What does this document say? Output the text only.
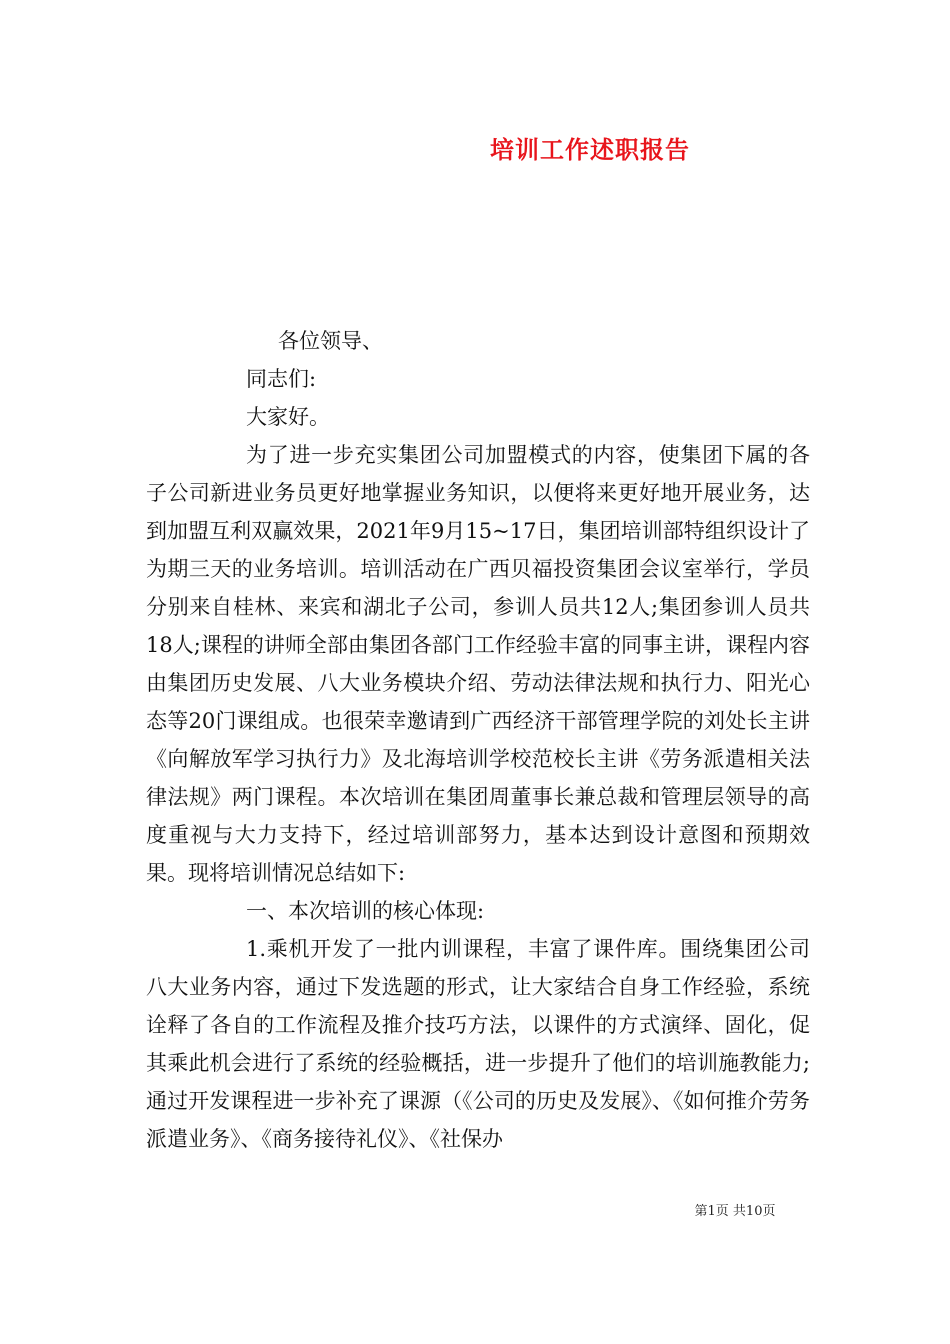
培训工作述职报告

各位领导、

同志们:

大家好。

为了进一步充实集团公司加盟模式的内容，使集团下属的各子公司新进业务员更好地掌握业务知识，以便将来更好地开展业务，达到加盟互利双赢效果，2021年9月15~17日，集团培训部特组织设计了为期三天的业务培训。培训活动在广西贝福投资集团会议室举行，学员分别来自桂林、来宾和湖北子公司，参训人员共12人;集团参训人员共18人;课程的讲师全部由集团各部门工作经验丰富的同事主讲，课程内容由集团历史发展、八大业务模块介绍、劳动法律法规和执行力、阳光心态等20门课组成。也很荣幸邀请到广西经济干部管理学院的刘处长主讲《向解放军学习执行力》及北海培训学校范校长主讲《劳务派遣相关法律法规》两门课程。本次培训在集团周董事长兼总裁和管理层领导的高度重视与大力支持下，经过培训部努力，基本达到设计意图和预期效果。现将培训情况总结如下:

一、本次培训的核心体现:

1.乘机开发了一批内训课程，丰富了课件库。围绕集团公司八大业务内容，通过下发选题的形式，让大家结合自身工作经验，系统诠释了各自的工作流程及推介技巧方法，以课件的方式演绎、固化，促其乘此机会进行了系统的经验概括，进一步提升了他们的培训施教能力;通过开发课程进一步补充了课源（《公司的历史及发展》、《如何推介劳务派遣业务》、《商务接待礼仪》、《社保办

第1页 共10页
